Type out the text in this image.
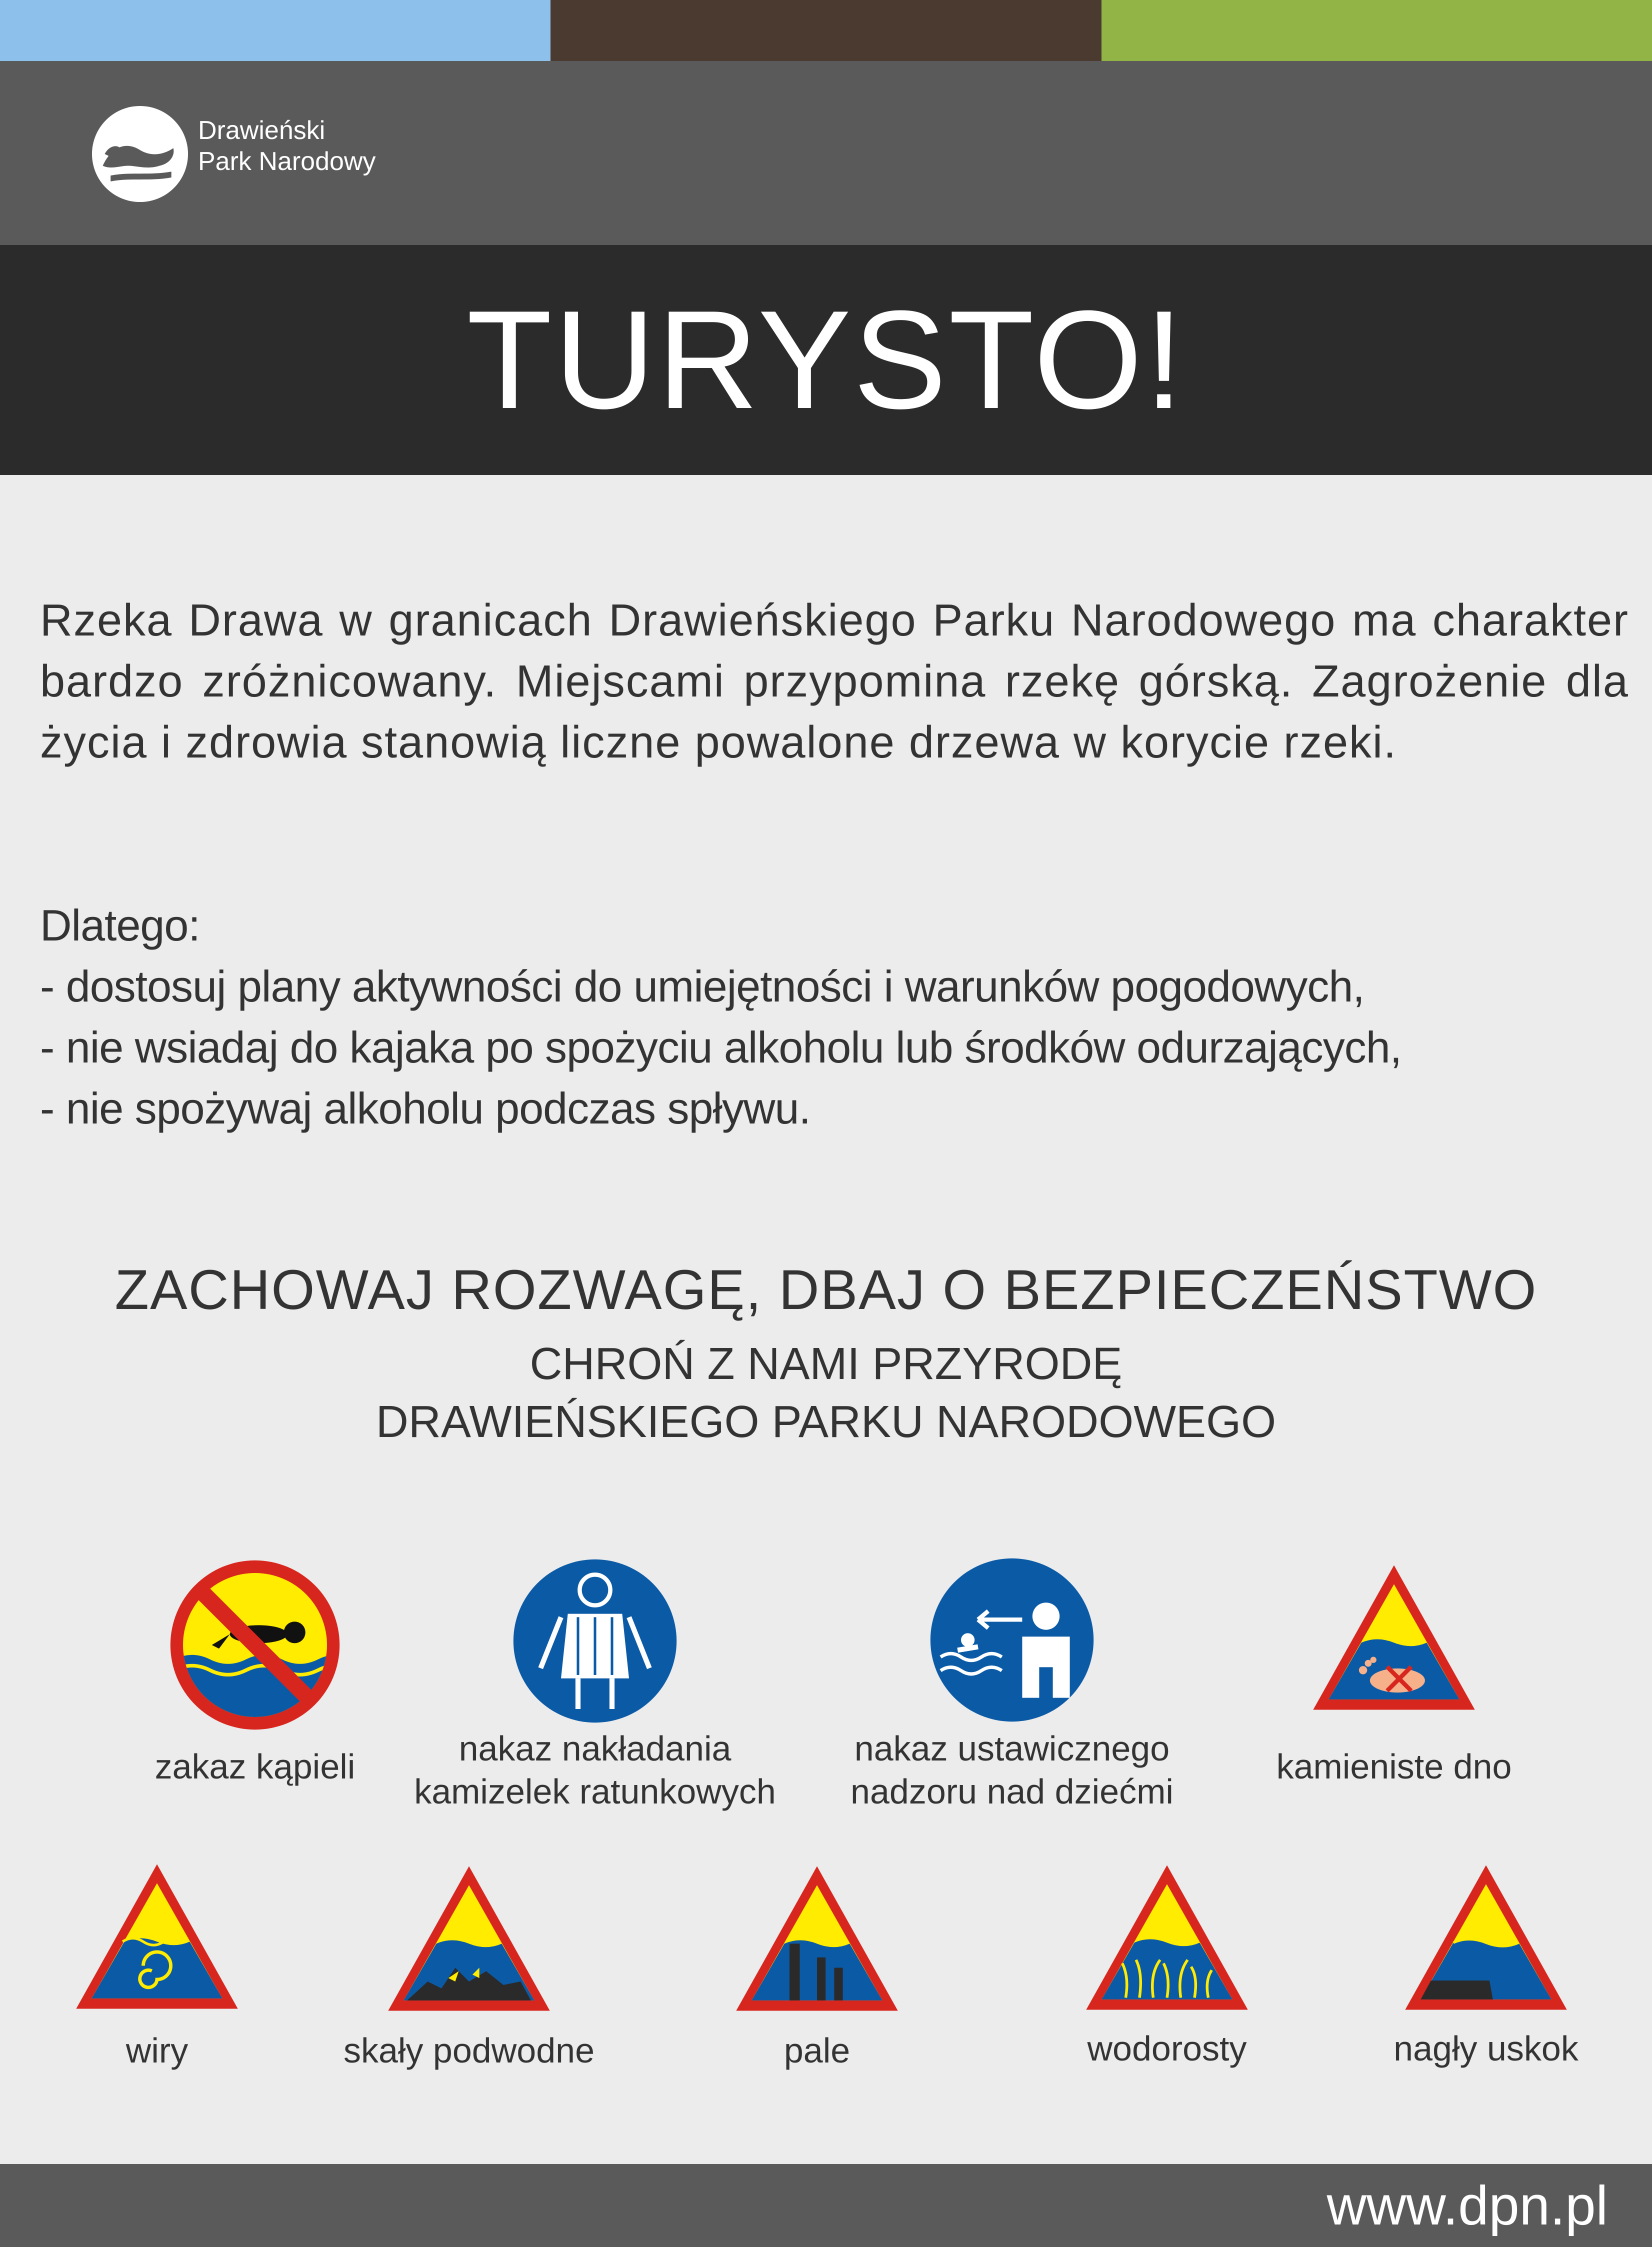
Drawieński
Park Narodowy
TURYSTO!

Rzeka Drawa w granicach Drawieńskiego Parku Narodowego ma charakter bardzo zróżnicowany. Miejscami przypomina rzekę górską. Zagrożenie dla życia i zdrowia stanowią liczne powalone drzewa w korycie rzeki.

Dlatego:
- dostosuj plany aktywności do umiejętności i warunków pogodowych,
- nie wsiadaj do kajaka po spożyciu alkoholu lub środków odurzających,
- nie spożywaj alkoholu podczas spływu.
ZACHOWAJ ROZWAGĘ, DBAJ O BEZPIECZEŃSTWO
CHROŃ Z NAMI PRZYRODĘ
DRAWIEŃSKIEGO PARKU NARODOWEGO
zakaz kąpieli	nakaz nakładania
kamizelek ratunkowych
nakaz ustawicznego
nadzoru nad dziećmi
kamieniste dno
wiry	skały podwodne	pale	wodorosty	nagły uskok
www.dpn.pl
